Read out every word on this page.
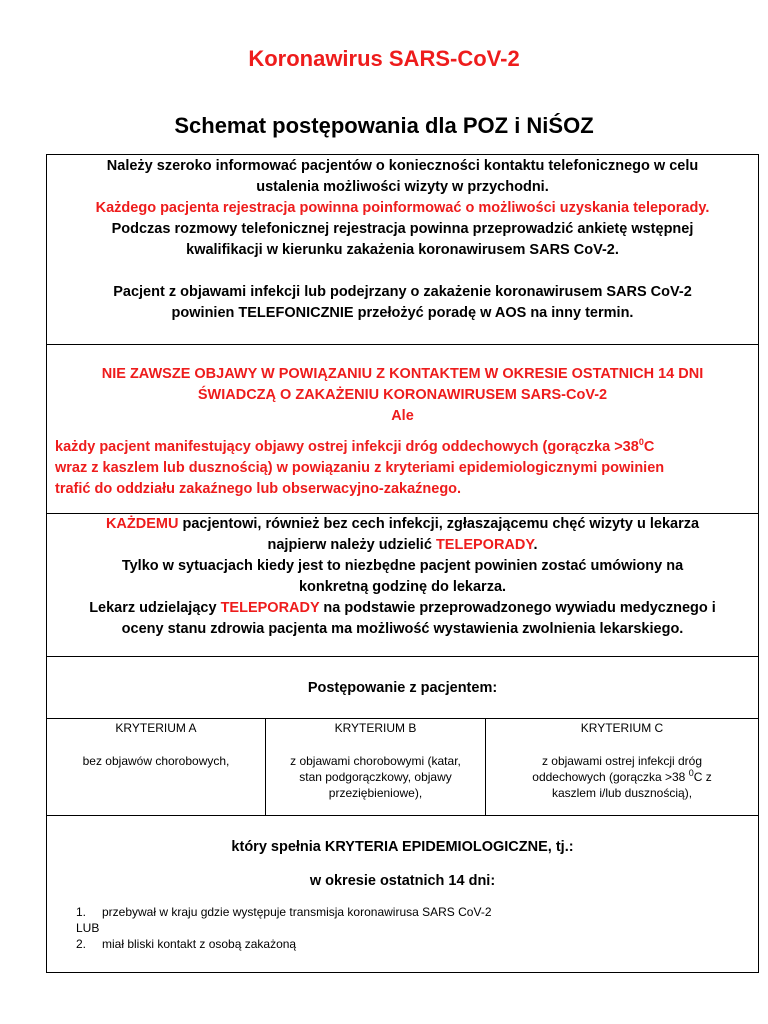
Koronawirus SARS-CoV-2
Schemat postępowania dla POZ i NiŚOZ

Należy szeroko informować pacjentów o konieczności kontaktu telefonicznego w celu

ustalenia możliwości wizyty w przychodni.

Każdego pacjenta rejestracja powinna poinformować o możliwości uzyskania teleporady.

Podczas rozmowy telefonicznej rejestracja powinna przeprowadzić ankietę wstępnej

kwalifikacji w kierunku zakażenia koronawirusem SARS CoV-2.

Pacjent z objawami infekcji lub podejrzany o zakażenie koronawirusem SARS CoV-2

powinien TELEFONICZNIE przełożyć poradę w AOS na inny termin.

NIE ZAWSZE OBJAWY W POWIĄZANIU Z KONTAKTEM W OKRESIE OSTATNICH 14 DNI

ŚWIADCZĄ O ZAKAŻENIU KORONAWIRUSEM SARS-CoV-2

Ale

każdy pacjent manifestujący objawy ostrej infekcji dróg oddechowych (gorączka $>38^0C$

wraz z kaszlem lub dusznością) w powiązaniu z kryteriami epidemiologicznymi powinien

trafić do oddziału zakaźnego lub obserwacyjno-zakaźnego.

KAŻDEMU pacjentowi, również bez cech infekcji, zgłaszającemu chęć wizyty u lekarza

najpierw należy udzielić TELEPORADY.

Tylko w sytuacjach kiedy jest to niezbędne pacjent powinien zostać umówiony na

konkretną godzinę do lekarza.

Lekarz udzielający TELEPORADY na podstawie przeprowadzonego wywiadu medycznego i

oceny stanu zdrowia pacjenta ma możliwość wystawienia zwolnienia lekarskiego.

Postępowanie z pacjentem:

KRYTERIUM A
bez objawów chorobowych,
KRYTERIUM B
z objawami chorobowymi (katar, stan podgorączkowy, objawy przeziębieniowe),
KRYTERIUM C
z objawami ostrej infekcji dróg oddechowych (gorączka >38 $^0$C z kaszlem i/lub dusznością),

który spełnia KRYTERIA EPIDEMIOLOGICZNE, tj.:

w okresie ostatnich 14 dni:

1. przebywał w kraju gdzie występuje transmisja koronawirusa SARS CoV-2
LUB
2. miał bliski kontakt z osobą zakażoną
